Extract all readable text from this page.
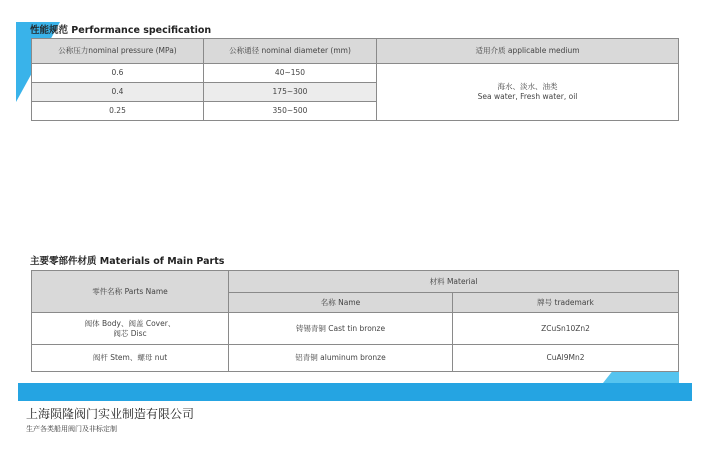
性能规范 Performance specification
公称压力nominal pressure (MPa)	公称通径 nominal diameter (mm)	适用介质 applicable medium
0.6	40~150	海水、淡水、油类
Sea water, Fresh water, oil

0.4	175~300	
0.25	350~500	
主要零部件材质 Materials of Main Parts
零件名称 Parts Name	材料 Material	
	名称 Name	牌号 trademark

阀体 Body、阀盖 Cover、
阀芯 Disc	铸锡青铜 Cast tin bronze	ZCuSn10Zn2
阀杆 Stem、螺母 nut	铝青铜 aluminum bronze	CuAl9Mn2
上海陨隆阀门实业制造有限公司
生产各类船用阀门及非标定制
